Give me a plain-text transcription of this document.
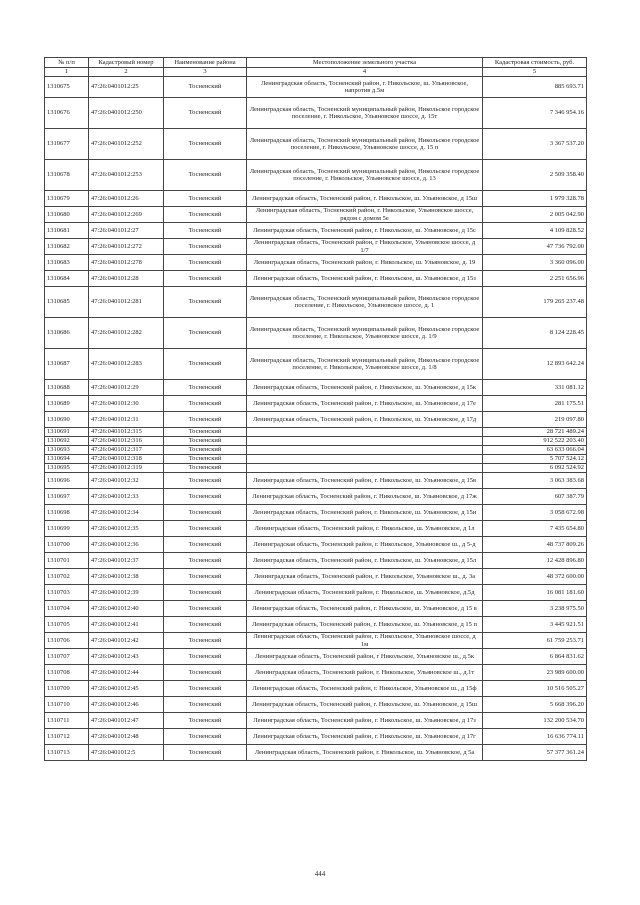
№ п/п	Кадастровый номер	Наименование района	Местоположение земельного участка	Кадастровая стоимость, руб.
1	2	3	4	5
1310675	47:26:0401012:25	Тосненский	Ленинградская область, Тосненский район, г. Никольское, ш. Ульяновское, напротив д.5м	885 693.71
1310676	47:26:0401012:250	Тосненский	Ленинградская область, Тосненский муниципальный район, Никольское городское поселение, г. Никольское, Ульяновское шоссе, д. 15т	7 346 954.16
1310677	47:26:0401012:252	Тосненский	Ленинградская область, Тосненский муниципальный район, Никольское городское поселение, г. Никольское, Ульяновское шоссе, д. 15 п	3 367 537.20
1310678	47:26:0401012:253	Тосненский	Ленинградская область, Тосненский муниципальный район, Никольское городское поселение, г. Никольское, Ульяновское шоссе, д. 13	2 509 358.40
1310679	47:26:0401012:26	Тосненский	Ленинградская область, Тосненский район, г. Никольское, ш. Ульяновское, д 15ш	1 979 328.78
1310680	47:26:0401012:269	Тосненский	Ленинградская область, Тосненский район, г. Никольское, Ульяновское шоссе, рядом с домом 5е	2 005 042.90
1310681	47:26:0401012:27	Тосненский	Ленинградская область, Тосненский район, г. Никольское, ш. Ульяновское, д 15с	4 109 828.52
1310682	47:26:0401012:272	Тосненский	Ленинградская область, Тосненский район, г Никольское, Ульяновское шоссе, д 1/7	47 736 792.00
1310683	47:26:0401012:278	Тосненский	Ленинградская область, Тосненский район, г. Никольское, ш. Ульяновское, д. 19	3 360 096.00
1310684	47:26:0401012:28	Тосненский	Ленинградская область, Тосненский район, г. Никольское, ш. Ульяновское, д 15з	2 251 656.96
1310685	47:26:0401012:281	Тосненский	Ленинградская область, Тосненский муниципальный район, Никольское городское поселение, г. Никольское, Ульяновское шоссе, д. 1	179 265 237.48
1310686	47:26:0401012:282	Тосненский	Ленинградская область, Тосненский муниципальный район, Никольское городское поселение, г. Никольское, Ульяновское шоссе, д. 1/9	8 124 228.45
1310687	47:26:0401012:283	Тосненский	Ленинградская область, Тосненский муниципальный район, Никольское городское поселение, г. Никольское, Ульяновское шоссе, д. 1/8	12 893 642.24
1310688	47:26:0401012:29	Тосненский	Ленинградская область, Тосненский район, г. Никольское, ш. Ульяновское, д 15к	331 081.12
1310689	47:26:0401012:30	Тосненский	Ленинградская область, Тосненский район, г. Никольское, ш. Ульяновское, д 17е	281 175.51
1310690	47:26:0401012:31	Тосненский	Ленинградская область, Тосненский район, г. Никольское, ш. Ульяновское, д 17д	219 097.80
1310691	47:26:0401012:315	Тосненский		28 721 489.24
1310692	47:26:0401012:316	Тосненский		912 522 203.40
1310693	47:26:0401012:317	Тосненский		63 633 066.04
1310694	47:26:0401012:318	Тосненский		5 707 524.12
1310695	47:26:0401012:319	Тосненский		6 092 524.92
1310696	47:26:0401012:32	Тосненский	Ленинградская область, Тосненский район, г. Никольское, ш. Ульяновское, д 15в	3 063 383.68
1310697	47:26:0401012:33	Тосненский	Ленинградская область, Тосненский район, г. Никольское, ш. Ульяновское, д 17ж	607 387.79
1310698	47:26:0401012:34	Тосненский	Ленинградская область, Тосненский район, г. Никольское, ш. Ульяновское, д 15и	3 058 672.98
1310699	47:26:0401012:35	Тосненский	Ленинградская область, Тосненский район, г. Никольское, ш. Ульяновское, д 1л	7 435 654.80
1310700	47:26:0401012:36	Тосненский	Ленинградская область, Тосненский район, г. Никольское, Ульяновское ш., д 5-д	48 737 809.26
1310701	47:26:0401012:37	Тосненский	Ленинградская область, Тосненский район, г. Никольское, ш. Ульяновское, д 15л	12 428 896.80
1310702	47:26:0401012:38	Тосненский	Ленинградская область, Тосненский район, г. Никольское, Ульяновское ш., д. 3а	48 372 600.00
1310703	47:26:0401012:39	Тосненский	Ленинградская область, Тосненский район, г. Никольское, ш. Ульяновское, д.5д	16 081 181.60
1310704	47:26:0401012:40	Тосненский	Ленинградская область, Тосненский район, г. Никольское, ш. Ульяновское, д 15 в	3 238 975.50
1310705	47:26:0401012:41	Тосненский	Ленинградская область, Тосненский район, г. Никольское, ш. Ульяновское, д 15 п	3 445 921.51
1310706	47:26:0401012:42	Тосненский	Ленинградская область, Тосненский район, г. Никольское, Ульяновское шоссе, д 1м	61 759 253.71
1310707	47:26:0401012:43	Тосненский	Ленинградская область, Тосненский район, г Никольское, Ульяновское ш., д.5к	6 864 831.62
1310708	47:26:0401012:44	Тосненский	Ленинградская область, Тосненский район, г. Никольское, Ульяновское ш., д.1т	23 989 600.00
1310709	47:26:0401012:45	Тосненский	Ленинградская область, Тосненский район, г. Никольское, Ульяновское ш., д 15ф	10 516 505.27
1310710	47:26:0401012:46	Тосненский	Ленинградская область, Тосненский район, г. Никольское, ш. Ульяновское, д 15ш	5 668 396.20
1310711	47:26:0401012:47	Тосненский	Ленинградская область, Тосненский район, г. Никольское, ш. Ульяновское, д 17з	132 200 534.70
1310712	47:26:0401012:48	Тосненский	Ленинградская область, Тосненский район, г. Никольское, ш. Ульяновское, д 17г	16 636 774.11
1310713	47:26:0401012:5	Тосненский	Ленинградская область, Тосненский район, г. Никольское, ш. Ульяновское, д 5а	57 377 361.24
444
